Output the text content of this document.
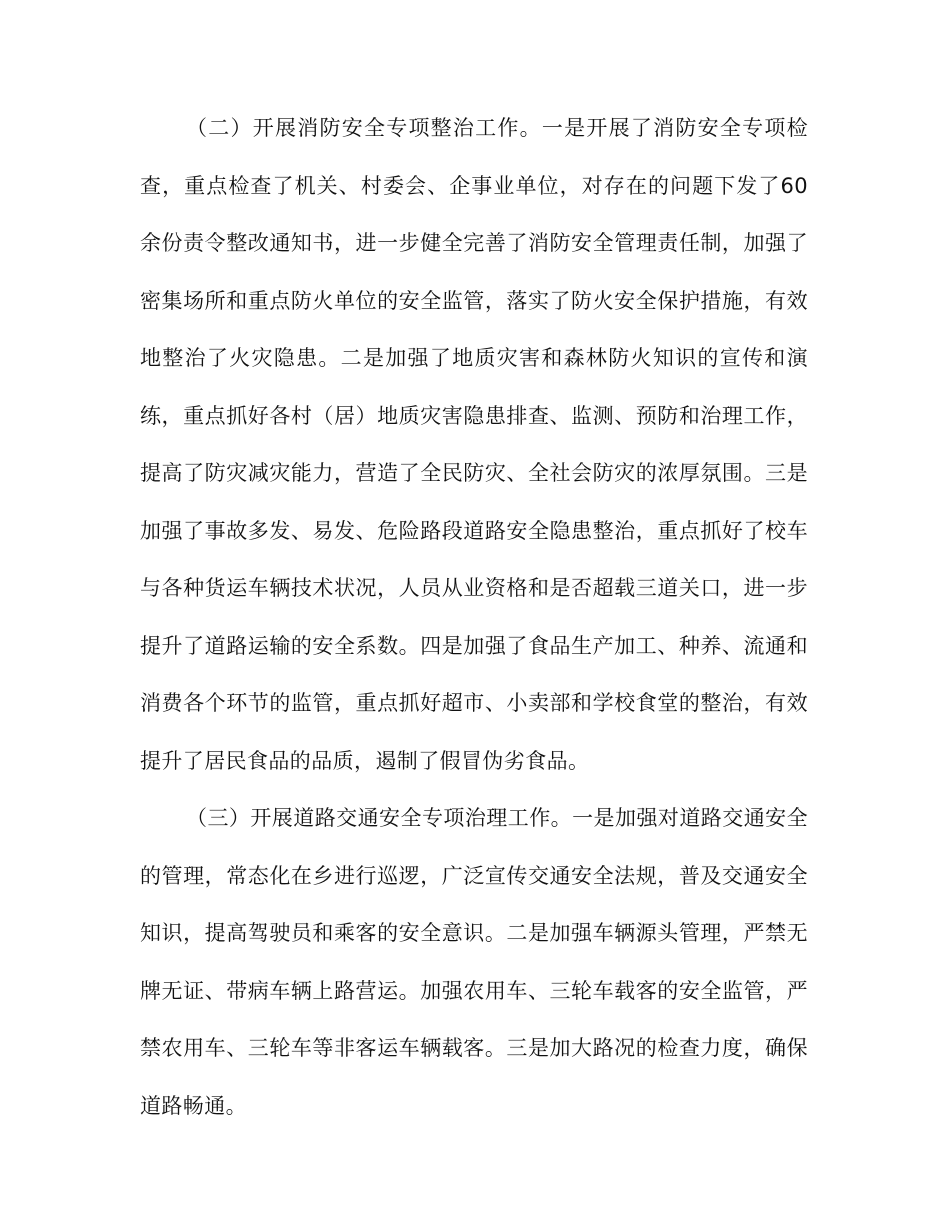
（二）开展消防安全专项整治工作。一是开展了消防安全专项检查，重点检查了机关、村委会、企事业单位，对存在的问题下发了60余份责令整改通知书，进一步健全完善了消防安全管理责任制，加强了密集场所和重点防火单位的安全监管，落实了防火安全保护措施，有效地整治了火灾隐患。二是加强了地质灾害和森林防火知识的宣传和演练，重点抓好各村（居）地质灾害隐患排查、监测、预防和治理工作，提高了防灾减灾能力，营造了全民防灾、全社会防灾的浓厚氛围。三是加强了事故多发、易发、危险路段道路安全隐患整治，重点抓好了校车与各种货运车辆技术状况，人员从业资格和是否超载三道关口，进一步提升了道路运输的安全系数。四是加强了食品生产加工、种养、流通和消费各个环节的监管，重点抓好超市、小卖部和学校食堂的整治，有效提升了居民食品的品质，遏制了假冒伪劣食品。

（三）开展道路交通安全专项治理工作。一是加强对道路交通安全的管理，常态化在乡进行巡逻，广泛宣传交通安全法规，普及交通安全知识，提高驾驶员和乘客的安全意识。二是加强车辆源头管理，严禁无牌无证、带病车辆上路营运。加强农用车、三轮车载客的安全监管，严禁农用车、三轮车等非客运车辆载客。三是加大路况的检查力度，确保道路畅通。
